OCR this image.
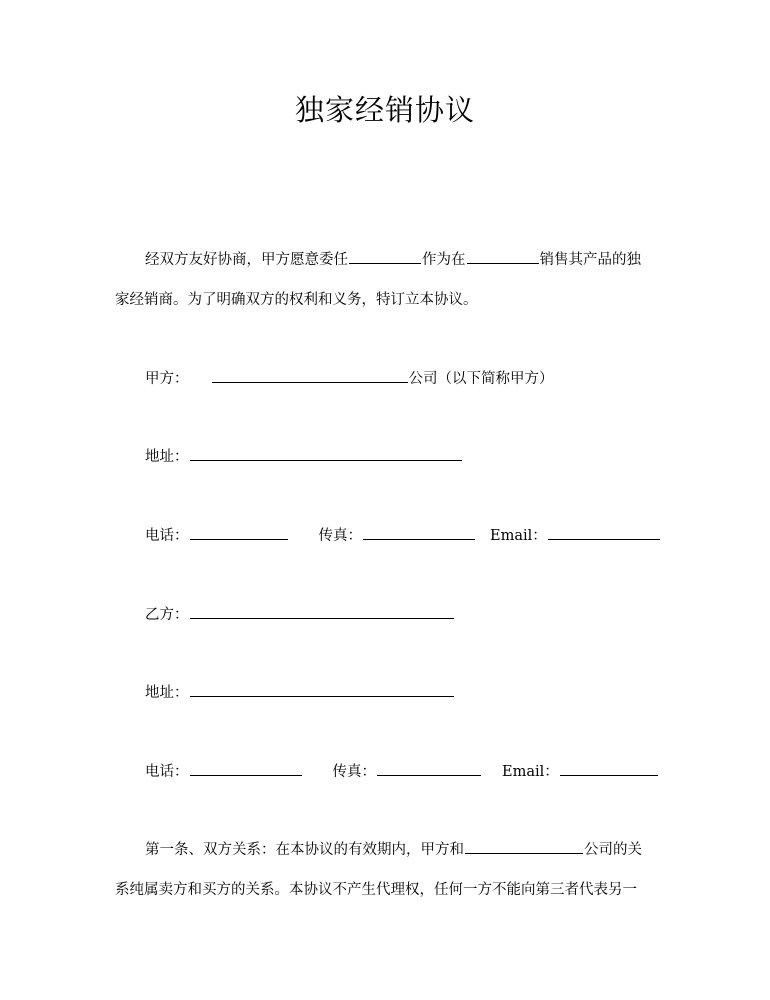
独家经销协议
经双方友好协商，甲方愿意委任	作为在	销售其产品的独
家经销商。为了明确双方的权利和义务，特订立本协议。
甲方：	公司（以下简称甲方）
地址：
电话：	传真：	Email：
乙方：
地址：
电话：	传真：	Email：
第一条、双方关系：在本协议的有效期内，甲方和	公司的关
系纯属卖方和买方的关系。本协议不产生代理权，任何一方不能向第三者代表另一
